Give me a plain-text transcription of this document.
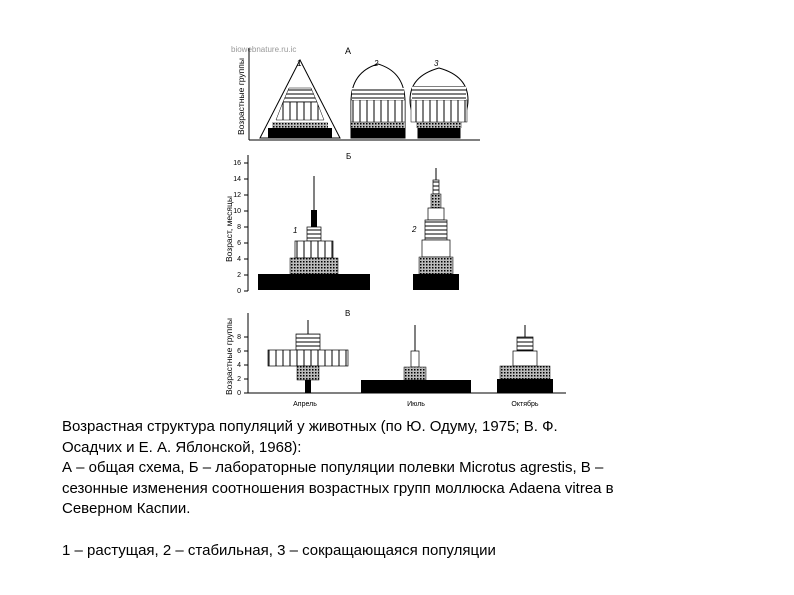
biowebnature.ru.ic	А
Возрастные группы	1	2	3
Б
Возраст, месяцы
0
2
4
6
8
10
12
14
16
1	2
В
Возрастные группы 0
2
4
6
8
Апрель	Июль	Октябрь

Возрастная структура популяций у животных (по Ю. Одуму, 1975; В. Ф.

Осадчих и Е. А. Яблонской, 1968):

А – общая схема, Б – лабораторные популяции полевки Microtus agrestis, В –

сезонные изменения соотношения возрастных групп моллюска Adaena vitrea в

Северном Каспии.

1 – растущая, 2 – стабильная, 3 – сокращающаяся популяции
